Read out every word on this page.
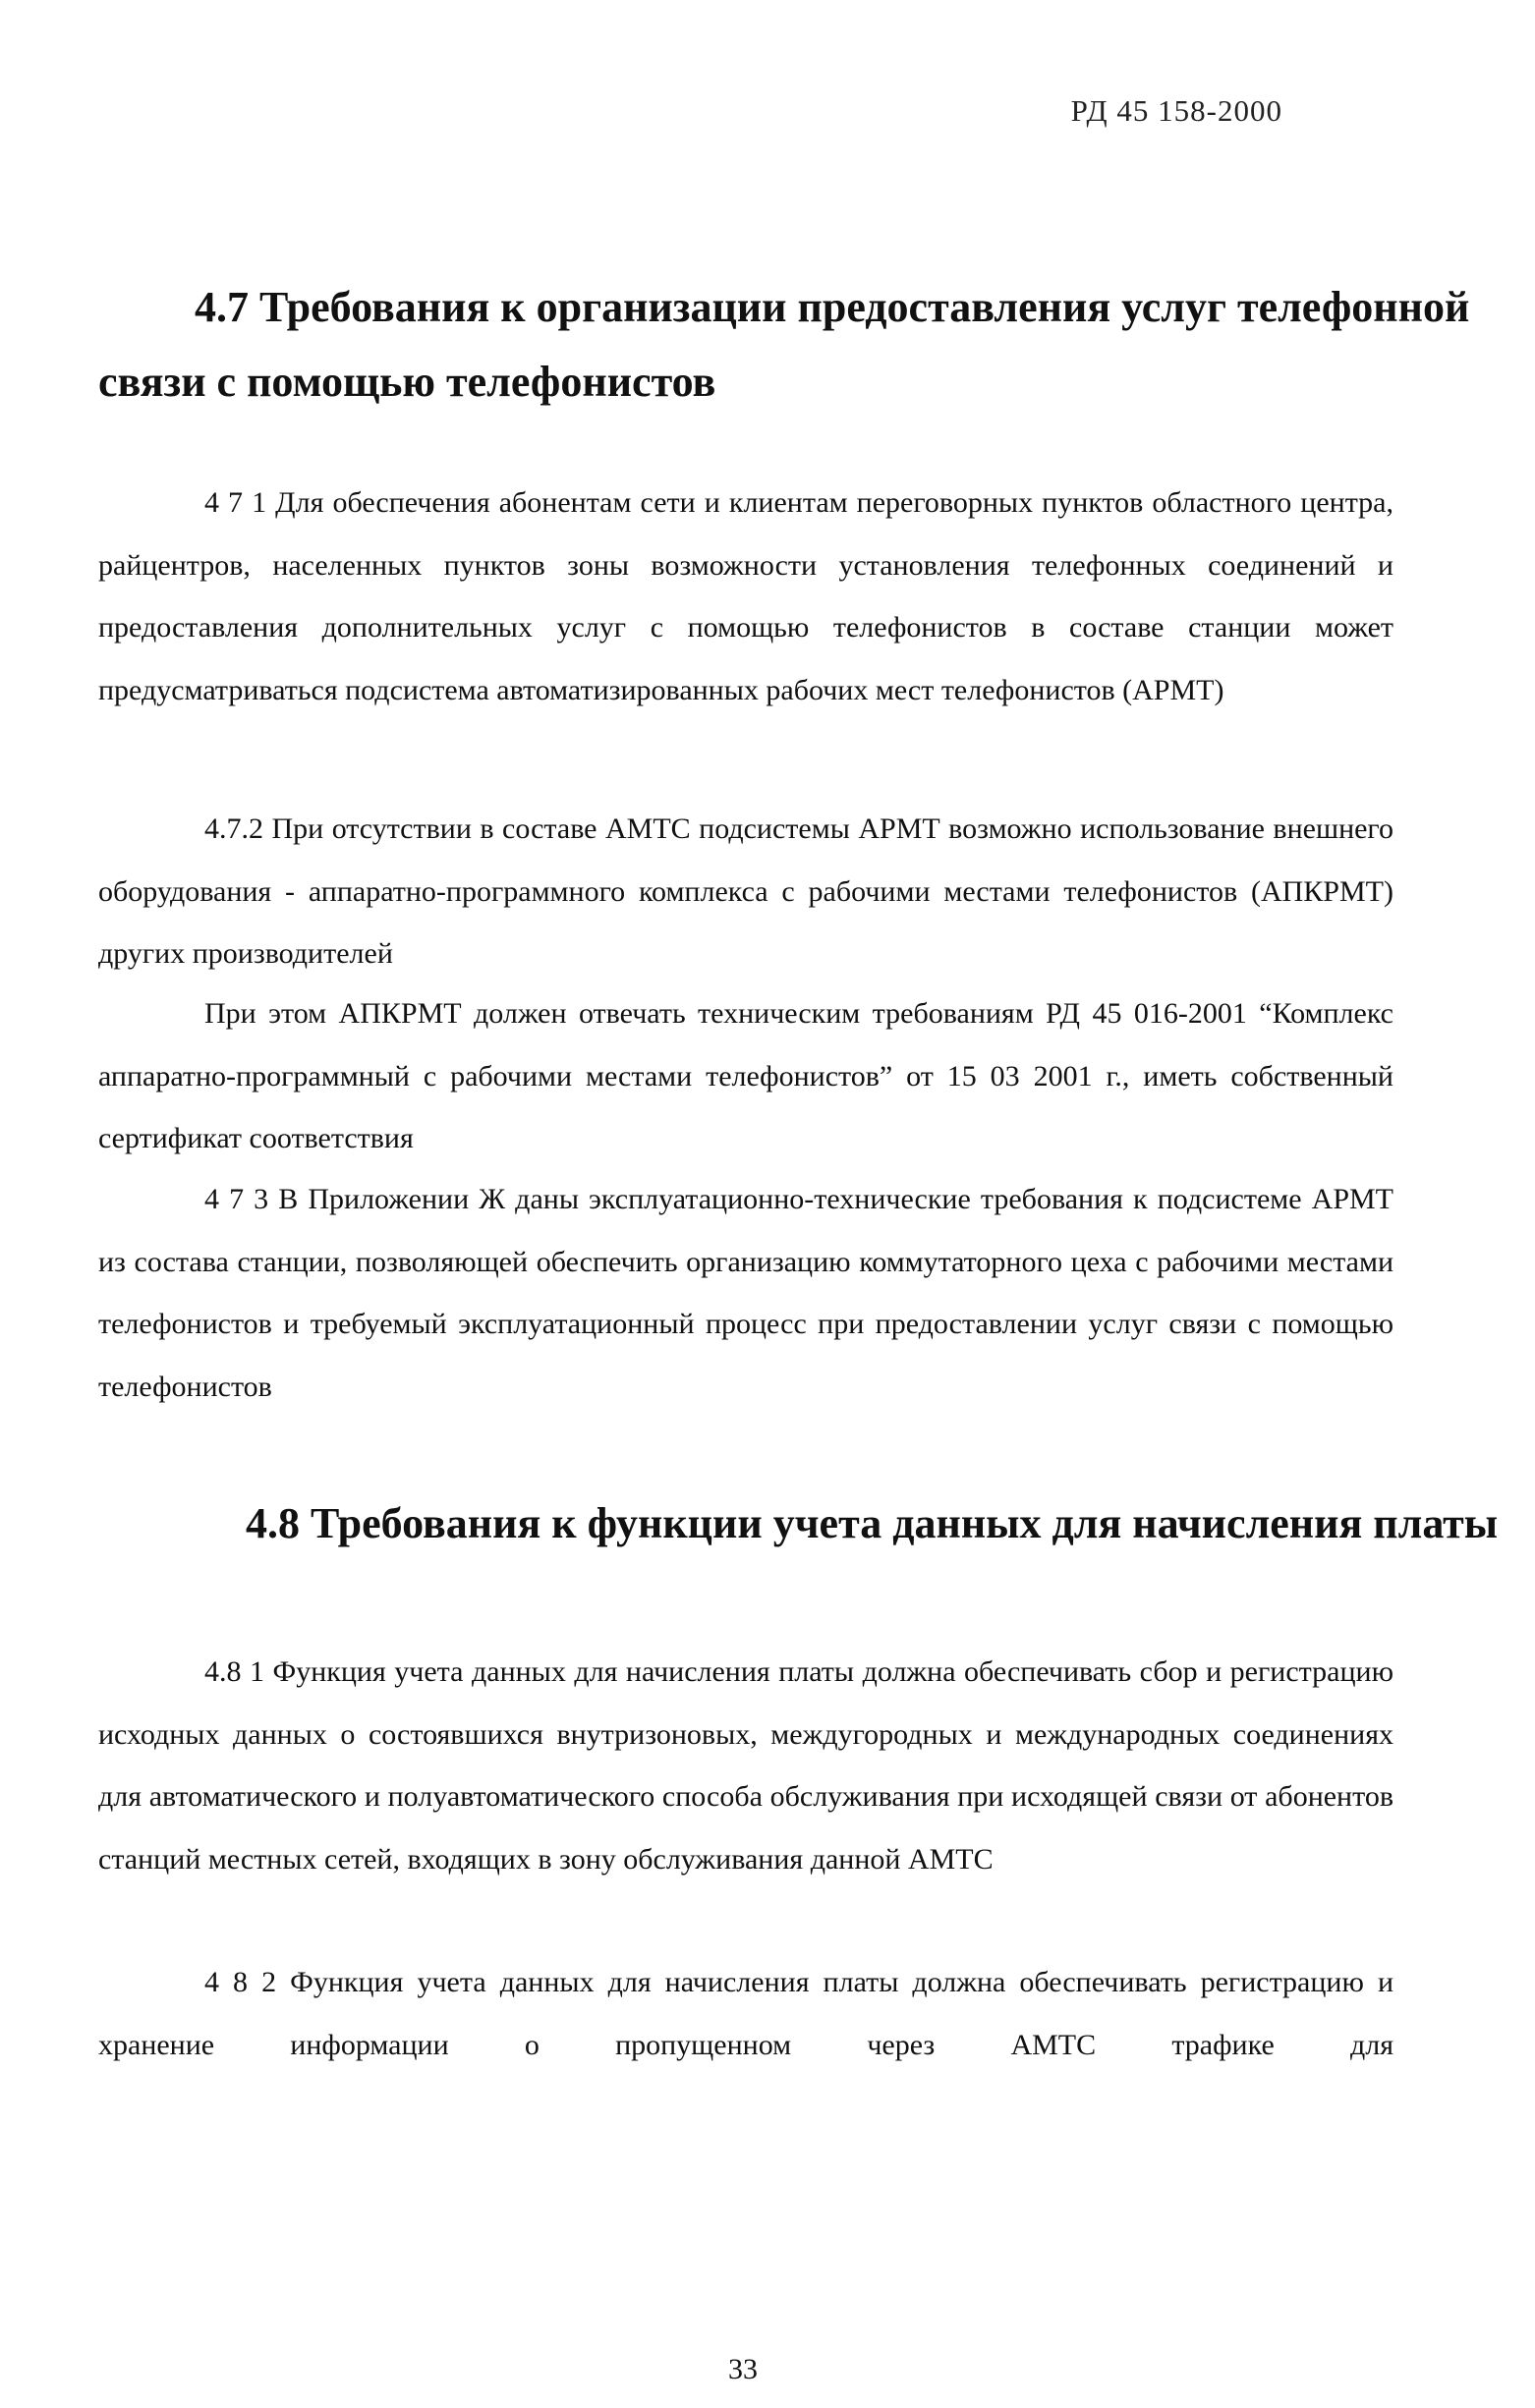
РД 45 158-2000
4.7 Требования к организации предоставления услуг телефонной
связи с помощью телефонистов
4 7 1 Для обеспечения абонентам сети и клиентам переговорных пунктов областного центра, райцентров, населенных пунктов зоны возможности установления телефонных соединений и предоставления дополнительных услуг с помощью телефонистов в составе станции может предусматриваться подсистема автоматизированных рабочих мест телефонистов (АРМТ)
4.7.2 При отсутствии в составе АМТС подсистемы АРМТ возможно использование внешнего оборудования - аппаратно-программного комплекса с рабочими местами телефонистов (АПКРМТ) других производителей
При этом АПКРМТ должен отвечать техническим требованиям РД 45 016-2001 “Комплекс аппаратно-программный с рабочими местами телефонистов” от 15 03 2001 г., иметь собственный сертификат соответствия
4 7 3 В Приложении Ж даны эксплуатационно-технические требования к подсистеме АРМТ из состава станции, позволяющей обеспечить организацию коммутаторного цеха с рабочими местами телефонистов и требуемый эксплуатационный процесс при предоставлении услуг связи с помощью телефонистов
4.8 Требования к функции учета данных для начисления платы
4.8 1 Функция учета данных для начисления платы должна обеспечивать сбор и регистрацию исходных данных о состоявшихся внутризоновых, междугородных и международных соединениях для автоматического и полуавтоматического способа обслуживания при исходящей связи от абонентов станций местных сетей, входящих в зону обслуживания данной АМТС
4 8 2 Функция учета данных для начисления платы должна обеспечивать регистрацию и хранение информации о пропущенном через АМТС трафике для
33
